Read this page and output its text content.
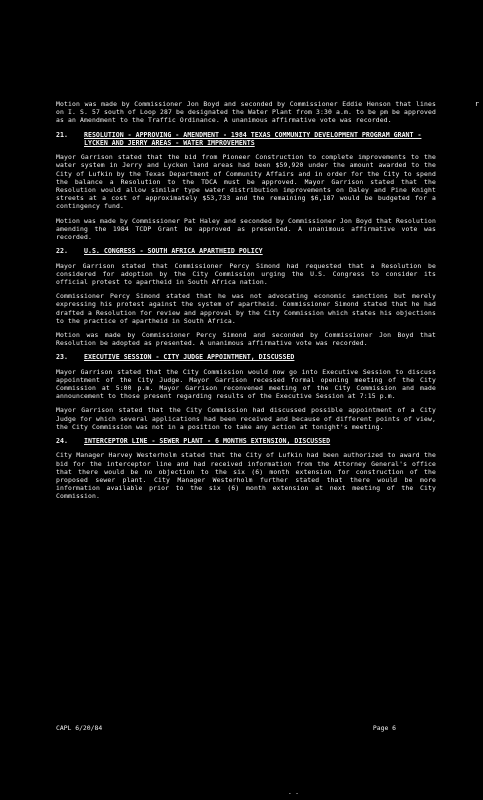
Motion was made by Commissioner Jon Boyd and seconded by Commissioner Eddie Henson that lines on I. S. 57 south of Loop 287 be designated the Water Plant from 3:30 a.m. to be pm be approved as an Amendment to the Traffic Ordinance. A unanimous affirmative vote was recorded.

21.	RESOLUTION - APPROVING - AMENDMENT - 1984 TEXAS COMMUNITY DEVELOPMENT PROGRAM GRANT - LYCKEN AND JERRY AREAS - WATER IMPROVEMENTS

Mayor Garrison stated that the bid from Pioneer Construction to complete improvements to the water system in Jerry and Lycken land areas had been $59,920 under the amount awarded to the City of Lufkin by the Texas Department of Community Affairs and in order for the City to spend the balance a Resolution to the TDCA must be approved. Mayor Garrison stated that the Resolution would allow similar type water distribution improvements on Daley and Pine Knight streets at a cost of approximately $53,733 and the remaining $6,187 would be budgeted for a contingency fund.

Motion was made by Commissioner Pat Haley and seconded by Commissioner Jon Boyd that Resolution amending the 1984 TCDP Grant be approved as presented. A unanimous affirmative vote was recorded.

22.	U.S. CONGRESS - SOUTH AFRICA APARTHEID POLICY

Mayor Garrison stated that Commissioner Percy Simond had requested that a Resolution be considered for adoption by the City Commission urging the U.S. Congress to consider its official protest to apartheid in South Africa nation.

Commissioner Percy Simond stated that he was not advocating economic sanctions but merely expressing his protest against the system of apartheid. Commissioner Simond stated that he had drafted a Resolution for review and approval by the City Commission which states his objections to the practice of apartheid in South Africa.

Motion was made by Commissioner Percy Simond and seconded by Commissioner Jon Boyd that Resolution be adopted as presented. A unanimous affirmative vote was recorded.

23.	EXECUTIVE SESSION - CITY JUDGE APPOINTMENT, DISCUSSED

Mayor Garrison stated that the City Commission would now go into Executive Session to discuss appointment of the City Judge. Mayor Garrison recessed formal opening meeting of the City Commission at 5:00 p.m. Mayor Garrison reconvened meeting of the City Commission and made announcement to those present regarding results of the Executive Session at 7:15 p.m.

Mayor Garrison stated that the City Commission had discussed possible appointment of a City Judge for which several applications had been received and because of different points of view, the City Commission was not in a position to take any action at tonight's meeting.

24.	INTERCEPTOR LINE - SEWER PLANT - 6 MONTHS EXTENSION, DISCUSSED

City Manager Harvey Westerholm stated that the City of Lufkin had been authorized to award the bid for the interceptor line and had received information from the Attorney General's office that there would be no objection to the six (6) month extension for construction of the proposed sewer plant. City Manager Westerholm further stated that there would be more information available prior to the six (6) month extension at next meeting of the City Commission.

CAPL 6/20/84	Page 6
r
- -
